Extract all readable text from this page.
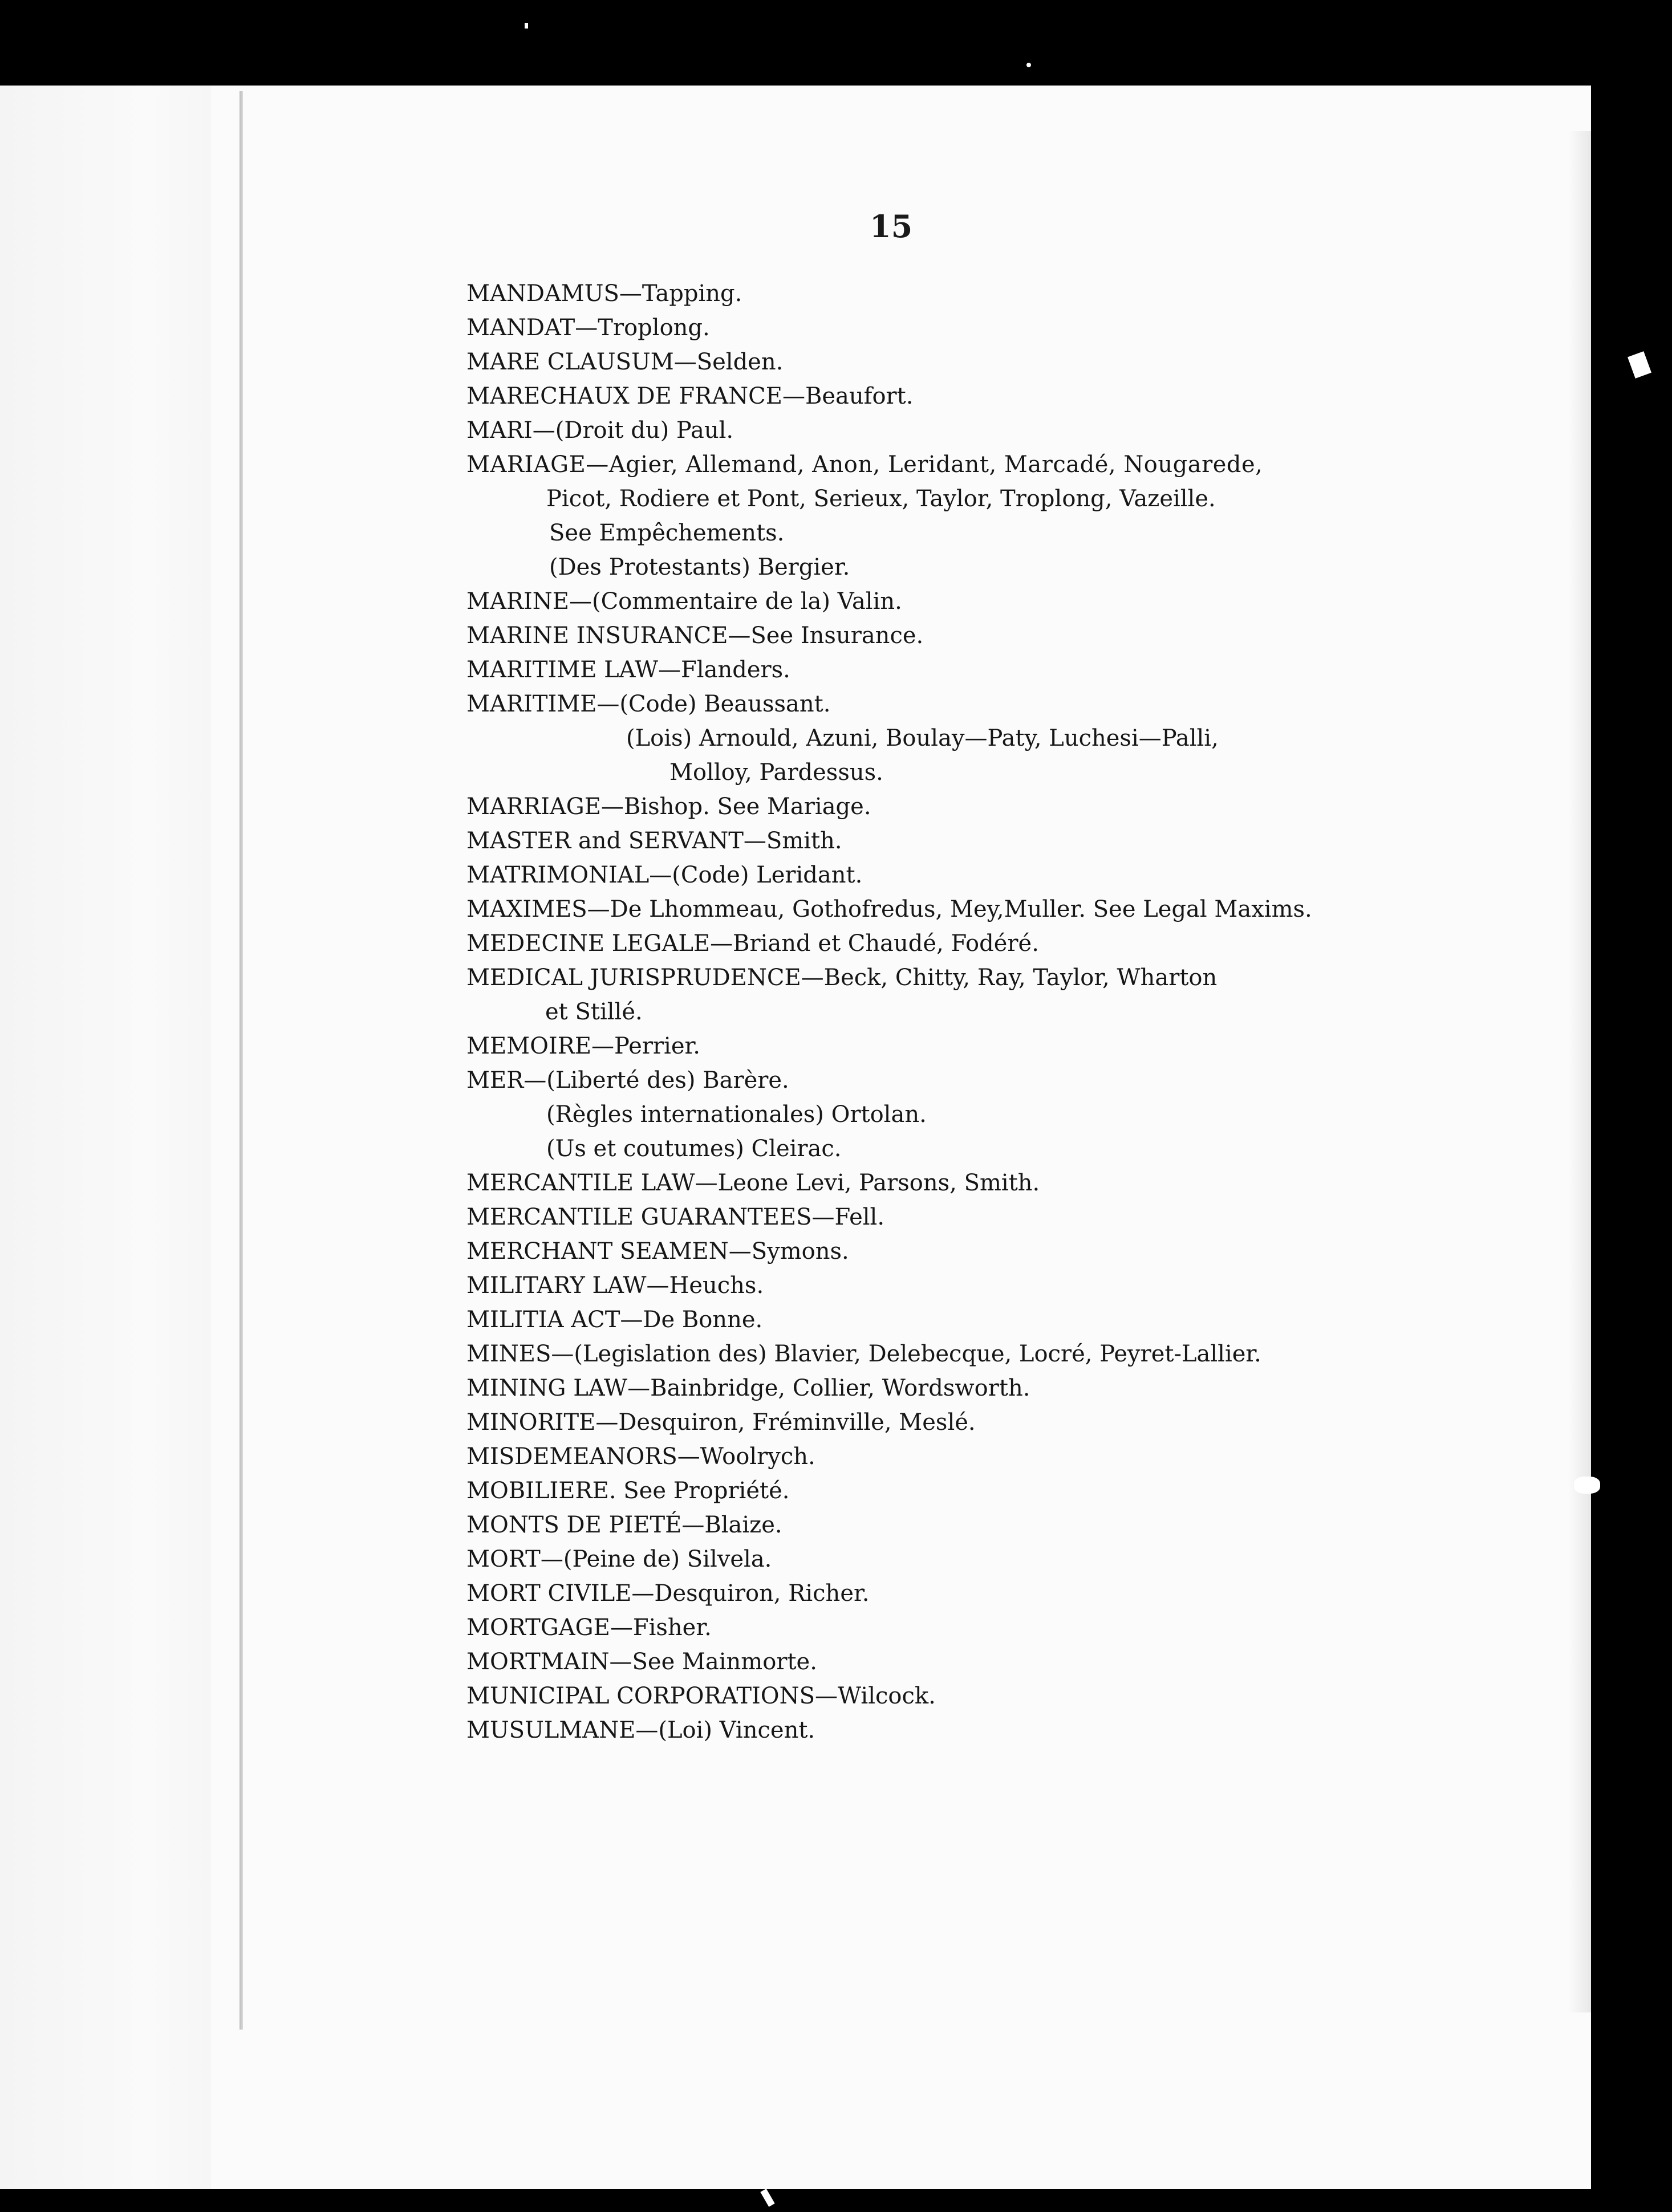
15
MANDAMUS—Tapping.
MANDAT—Troplong.
MARE CLAUSUM—Selden.
MARECHAUX DE FRANCE—Beaufort.
MARI—(Droit du) Paul.
MARIAGE—Agier, Allemand, Anon, Leridant, Marcadé, Nougarede,
Picot, Rodiere et Pont, Serieux, Taylor, Troplong, Vazeille.
See Empêchements.
(Des Protestants) Bergier.
MARINE—(Commentaire de la) Valin.
MARINE INSURANCE—See Insurance.
MARITIME LAW—Flanders.
MARITIME—(Code) Beaussant.
(Lois) Arnould, Azuni, Boulay—Paty, Luchesi—Palli,
Molloy, Pardessus.
MARRIAGE—Bishop. See Mariage.
MASTER and SERVANT—Smith.
MATRIMONIAL—(Code) Leridant.
MAXIMES—De Lhommeau, Gothofredus, Mey,Muller. See Legal Maxims.
MEDECINE LEGALE—Briand et Chaudé, Fodéré.
MEDICAL JURISPRUDENCE—Beck, Chitty, Ray, Taylor, Wharton
et Stillé.
MEMOIRE—Perrier.
MER—(Liberté des) Barère.
(Règles internationales) Ortolan.
(Us et coutumes) Cleirac.
MERCANTILE LAW—Leone Levi, Parsons, Smith.
MERCANTILE GUARANTEES—Fell.
MERCHANT SEAMEN—Symons.
MILITARY LAW—Heuchs.
MILITIA ACT—De Bonne.
MINES—(Legislation des) Blavier, Delebecque, Locré, Peyret-Lallier.
MINING LAW—Bainbridge, Collier, Wordsworth.
MINORITE—Desquiron, Fréminville, Meslé.
MISDEMEANORS—Woolrych.
MOBILIERE. See Propriété.
MONTS DE PIETÉ—Blaize.
MORT—(Peine de) Silvela.
MORT CIVILE—Desquiron, Richer.
MORTGAGE—Fisher.
MORTMAIN—See Mainmorte.
MUNICIPAL CORPORATIONS—Wilcock.
MUSULMANE—(Loi) Vincent.
